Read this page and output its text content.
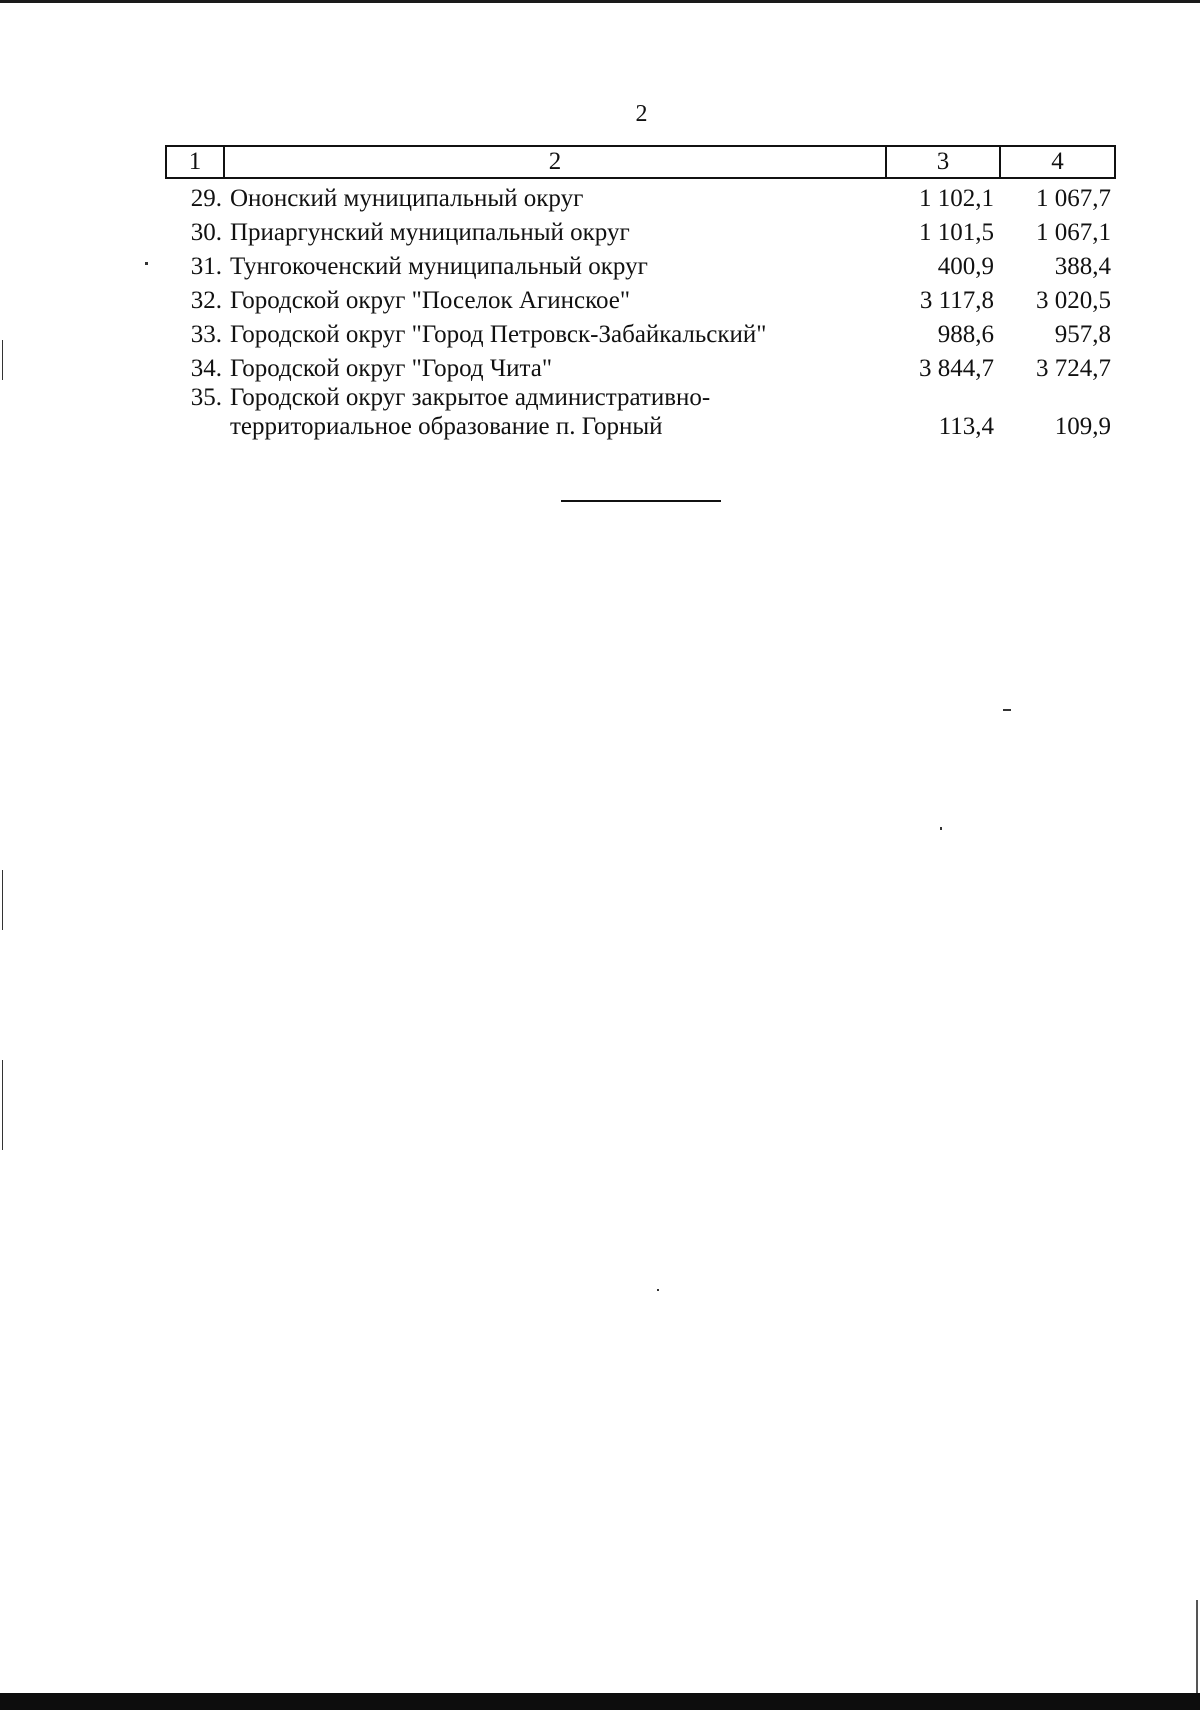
2
1	2	3	4
29.	Ононский муниципальный округ	1 102,1	1 067,7
30.	Приаргунский муниципальный округ	1 101,5	1 067,1
31.	Тунгокоченский муниципальный округ	400,9	388,4
32.	Городской округ "Поселок Агинское"	3 117,8	3 020,5
33.	Городской округ "Город Петровск-Забайкальский"	988,6	957,8
34.	Городской округ "Город Чита"	3 844,7	3 724,7
35.	Городской округ закрытое административно-
территориальное образование п. Горный	113,4	109,9
